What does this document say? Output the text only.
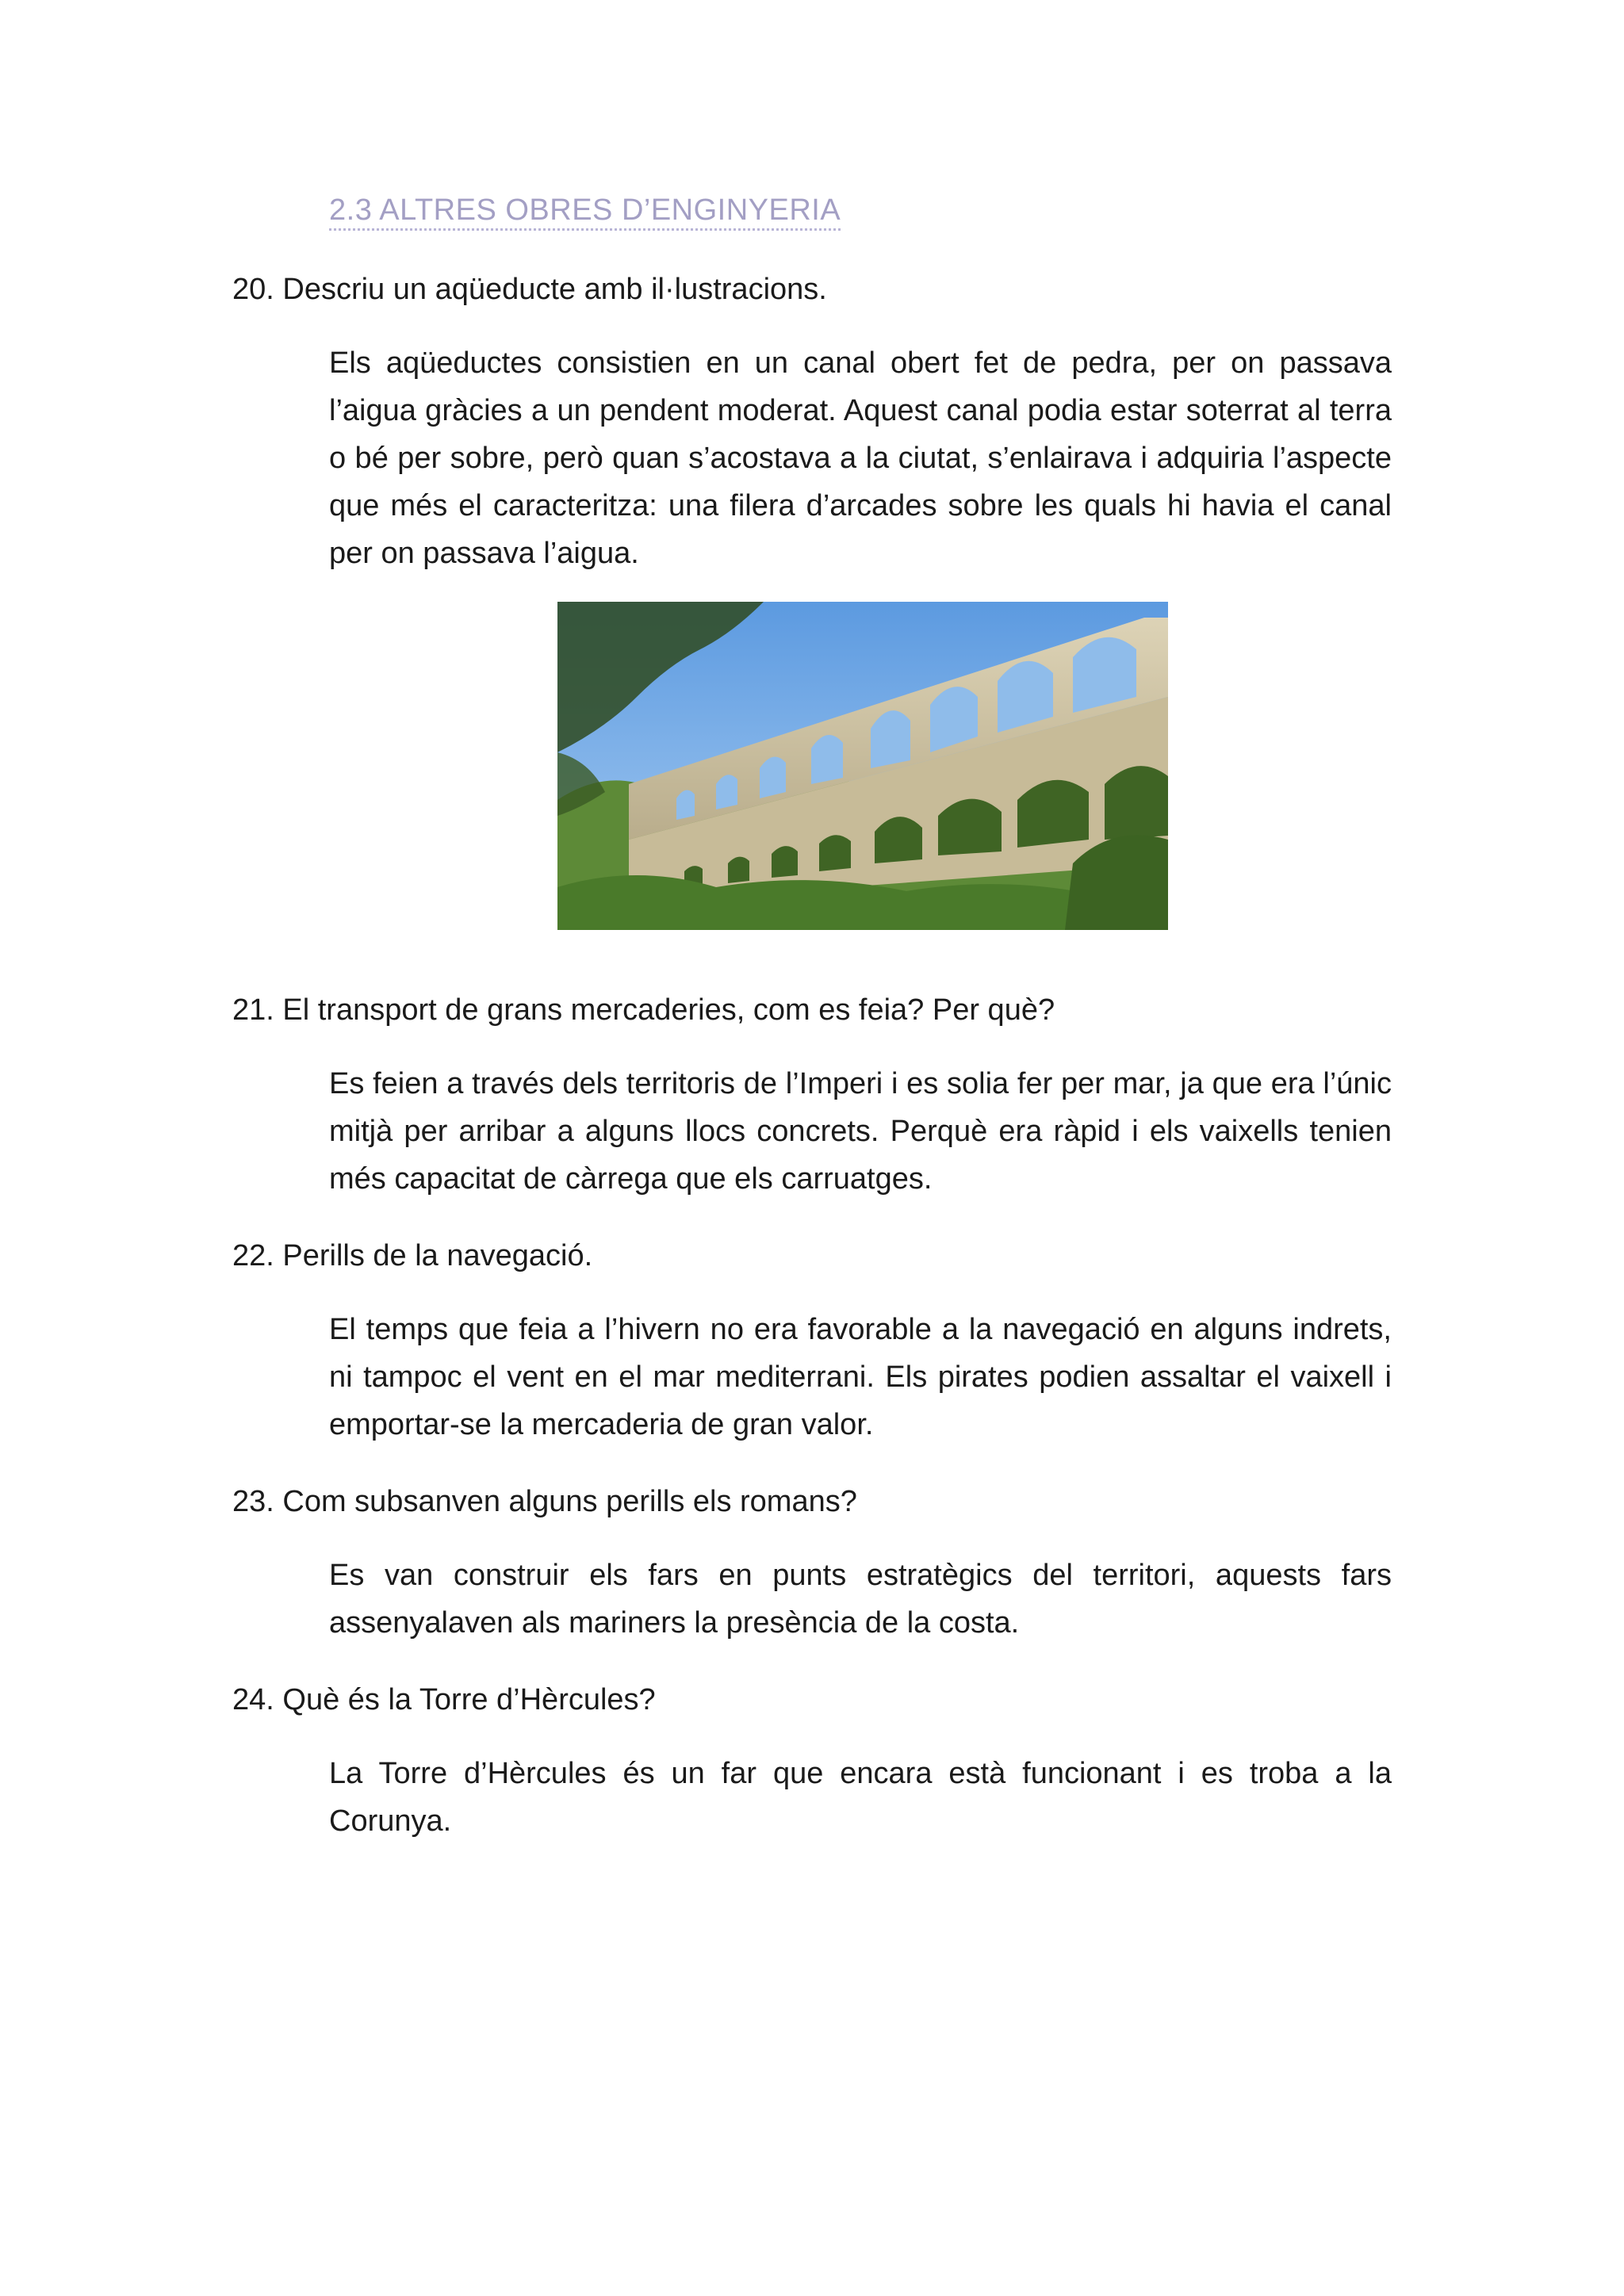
2.3 ALTRES OBRES D’ENGINYERIA
20. Descriu un aqüeducte amb il·lustracions.
Els aqüeductes consistien en un canal obert fet de pedra, per on passava l’aigua gràcies a un pendent moderat. Aquest canal podia estar soterrat al terra o bé per sobre, però quan s’acostava a la ciutat, s’enlairava i adquiria l’aspecte que més el caracteritza: una filera d’arcades sobre les quals hi havia el canal per on passava l’aigua.
21. El transport de grans mercaderies, com es feia? Per què?
Es feien a través dels territoris de l’Imperi i es solia fer per mar, ja que era l’únic mitjà per arribar a alguns llocs concrets. Perquè era ràpid i els vaixells tenien més capacitat de càrrega que els carruatges.
22. Perills de la navegació.
El temps que feia a l’hivern no era favorable a la navegació en alguns indrets, ni tampoc el vent en el mar mediterrani. Els pirates podien assaltar el vaixell i emportar-se la mercaderia de gran valor.
23. Com subsanven alguns perills els romans?
Es van construir els fars en punts estratègics del territori, aquests fars assenyalaven als mariners la presència de la costa.
24. Què és la Torre d’Hèrcules?
La Torre d’Hèrcules és un far que encara està funcionant i es troba a la Corunya.
